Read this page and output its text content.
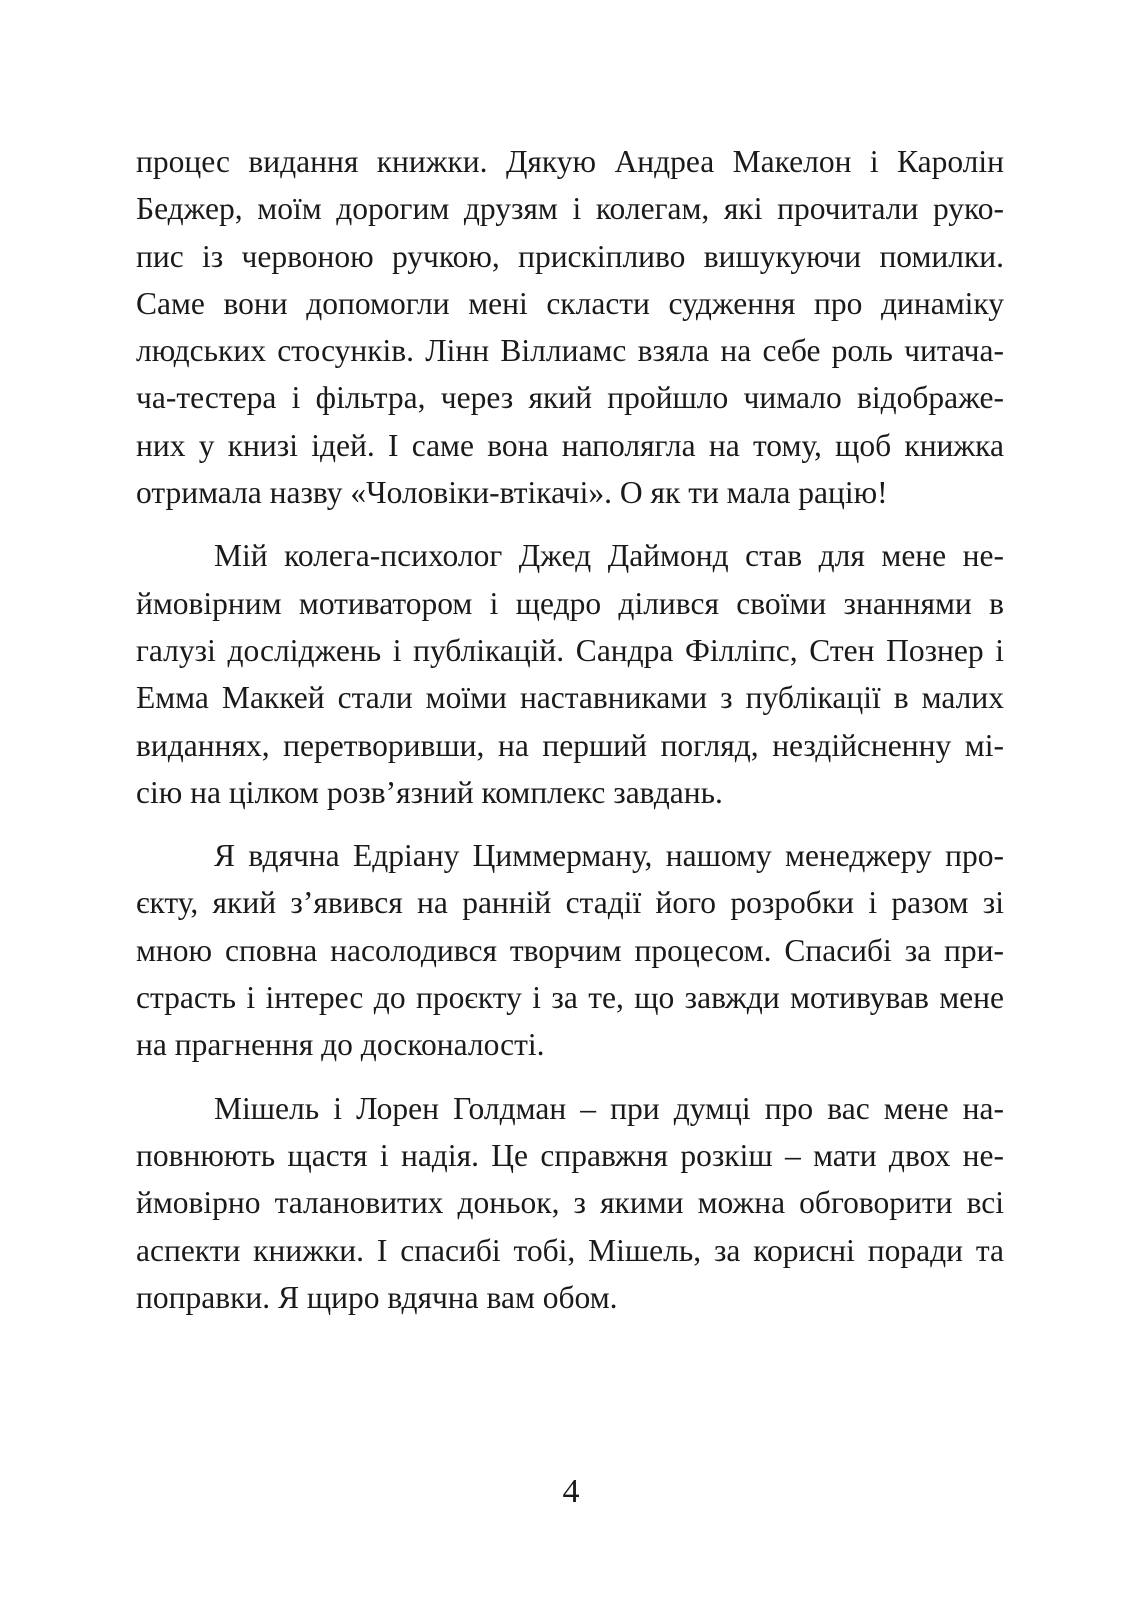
процес видання книжки. Дякую Андреа Макелон і Каролін
Беджер, моїм дорогим друзям і колегам, які прочитали руко-
пис із червоною ручкою, прискіпливо вишукуючи помилки.
Саме вони допомогли мені скласти судження про динаміку
людських стосунків. Лінн Віллиамс взяла на себе роль читача-
ча-тестера і фільтра, через який пройшло чимало відображе-
них у книзі ідей. І саме вона наполягла на тому, щоб книжка
отримала назву «Чоловіки-втікачі». О як ти мала рацію!
Мій колега-психолог Джед Даймонд став для мене не-
ймовірним мотиватором і щедро ділився своїми знаннями в
галузі досліджень і публікацій. Сандра Філліпс, Стен Познер і
Емма Маккей стали моїми наставниками з публікації в малих
виданнях, перетворивши, на перший погляд, нездійсненну мі-
сію на цілком розв’язний комплекс завдань.
Я вдячна Едріану Циммерману, нашому менеджеру про-
єкту, який з’явився на ранній стадії його розробки і разом зі
мною сповна насолодився творчим процесом. Спасибі за при-
страсть і інтерес до проєкту і за те, що завжди мотивував мене
на прагнення до досконалості.
Мішель і Лорен Голдман – при думці про вас мене на-
повнюють щастя і надія. Це справжня розкіш – мати двох не-
ймовірно талановитих доньок, з якими можна обговорити всі
аспекти книжки. І спасибі тобі, Мішель, за корисні поради та
поправки. Я щиро вдячна вам обом.
4
